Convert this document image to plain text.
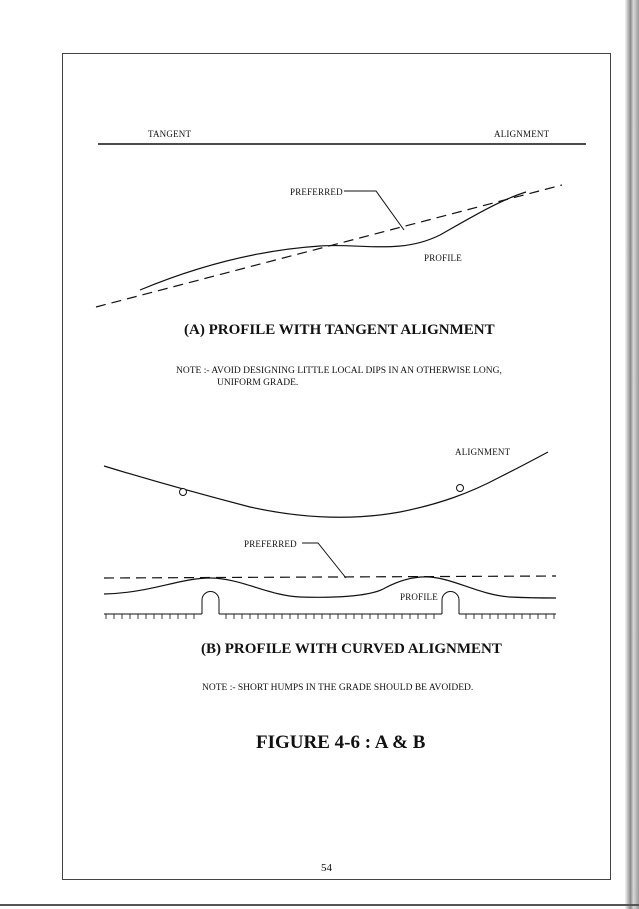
TANGENT	ALIGNMENT
PREFERRED
PROFILE
(A) PROFILE WITH TANGENT ALIGNMENT
NOTE :- AVOID DESIGNING LITTLE LOCAL DIPS IN AN OTHERWISE LONG,
UNIFORM GRADE.
ALIGNMENT
PREFERRED
PROFILE
(B) PROFILE WITH CURVED ALIGNMENT
NOTE :- SHORT HUMPS IN THE GRADE SHOULD BE AVOIDED.
FIGURE 4-6 : A & B
54
